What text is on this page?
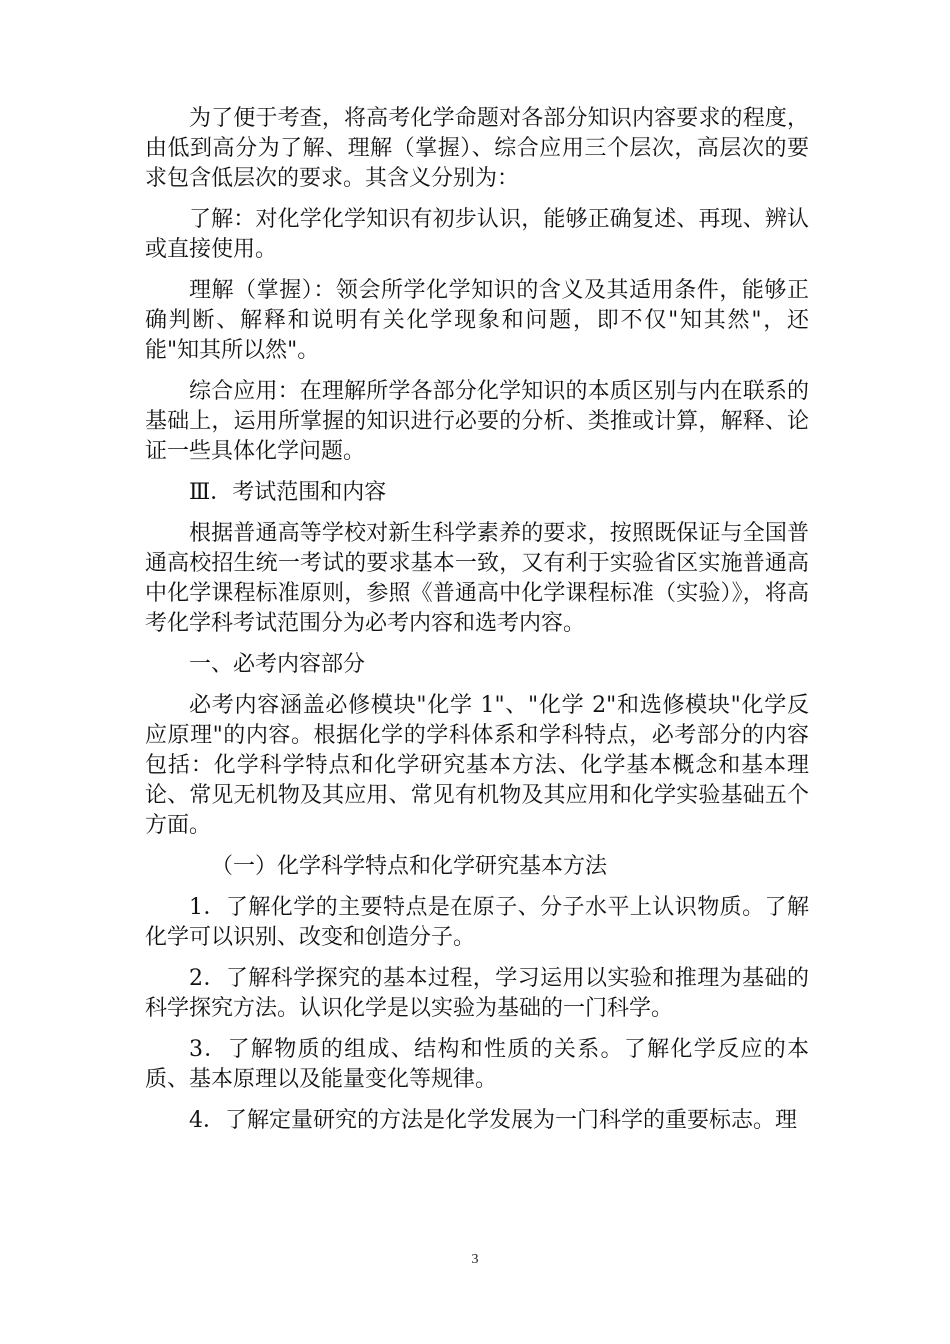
为了便于考查，将高考化学命题对各部分知识内容要求的程度，由低到高分为了解、理解（掌握）、综合应用三个层次，高层次的要求包含低层次的要求。其含义分别为：

了解：对化学化学知识有初步认识，能够正确复述、再现、辨认或直接使用。

理解（掌握）：领会所学化学知识的含义及其适用条件，能够正确判断、解释和说明有关化学现象和问题，即不仅"知其然"，还能"知其所以然"。

综合应用：在理解所学各部分化学知识的本质区别与内在联系的基础上，运用所掌握的知识进行必要的分析、类推或计算，解释、论证一些具体化学问题。

Ⅲ．考试范围和内容

根据普通高等学校对新生科学素养的要求，按照既保证与全国普通高校招生统一考试的要求基本一致，又有利于实验省区实施普通高中化学课程标准原则，参照《普通高中化学课程标准（实验）》，将高考化学科考试范围分为必考内容和选考内容。

一、必考内容部分

必考内容涵盖必修模块"化学 1"、"化学 2"和选修模块"化学反应原理"的内容。根据化学的学科体系和学科特点，必考部分的内容包括：化学科学特点和化学研究基本方法、化学基本概念和基本理论、常见无机物及其应用、常见有机物及其应用和化学实验基础五个方面。

（一）化学科学特点和化学研究基本方法

1．了解化学的主要特点是在原子、分子水平上认识物质。了解化学可以识别、改变和创造分子。

2．了解科学探究的基本过程，学习运用以实验和推理为基础的科学探究方法。认识化学是以实验为基础的一门科学。

3．了解物质的组成、结构和性质的关系。了解化学反应的本质、基本原理以及能量变化等规律。

4．了解定量研究的方法是化学发展为一门科学的重要标志。理

3
